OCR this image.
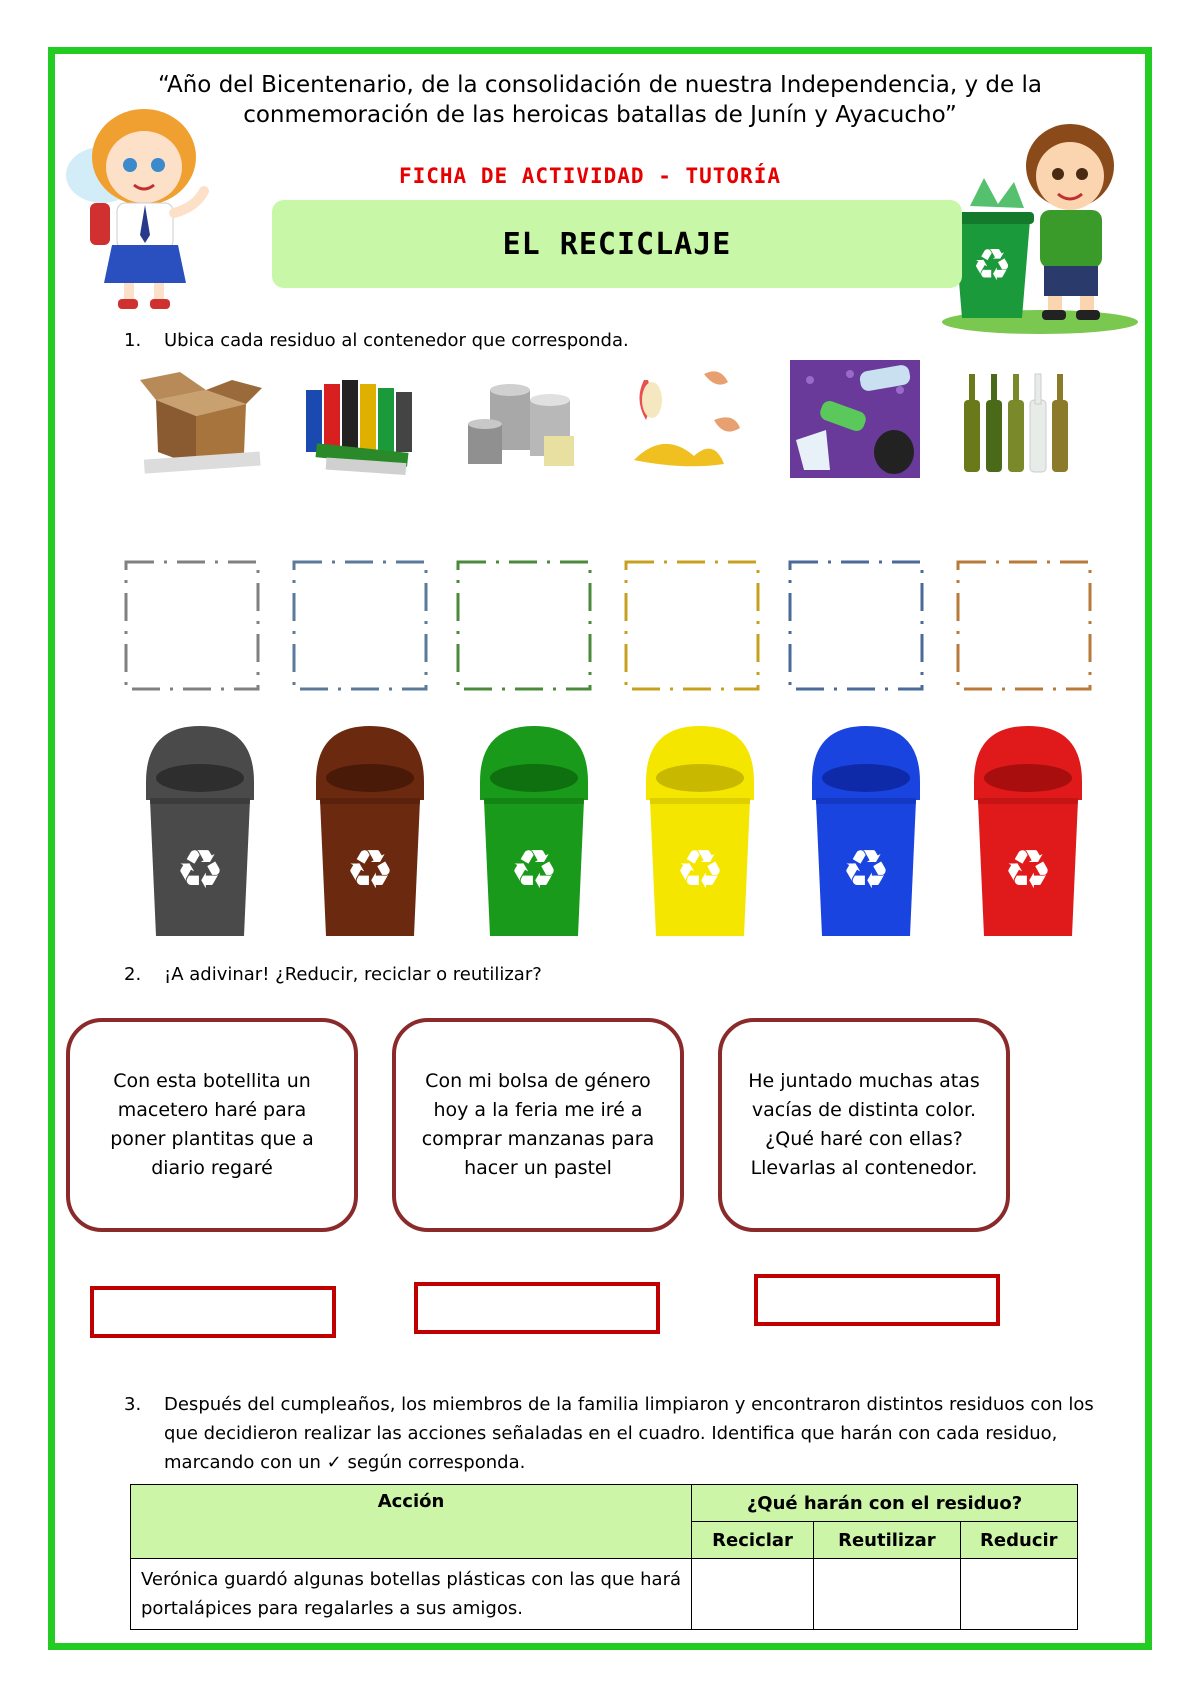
♻
“Año del Bicentenario, de la consolidación de nuestra Independencia, y de la conmemoración de las heroicas batallas de Junín y Ayacucho”
FICHA DE ACTIVIDAD - TUTORÍA
EL RECICLAJE
1. Ubica cada residuo al contenedor que corresponda.
♻ ♻ ♻ ♻ ♻ ♻
2. ¡A adivinar! ¿Reducir, reciclar o reutilizar?
Con esta botellita un macetero haré para poner plantitas que a diario regaré
Con mi bolsa de género hoy a la feria me iré a comprar manzanas para hacer un pastel
He juntado muchas atas vacías de distinta color. ¿Qué haré con ellas? Llevarlas al contenedor.
3. Después del cumpleaños, los miembros de la familia limpiaron y encontraron distintos residuos con los que decidieron realizar las acciones señaladas en el cuadro. Identifica que harán con cada residuo, marcando con un ✓ según corresponda.
Acción	¿Qué harán con el residuo?		
	Reciclar	Reutilizar	Reducir
Verónica guardó algunas botellas plásticas con las que hará portalápices para regalarles a sus amigos.			
